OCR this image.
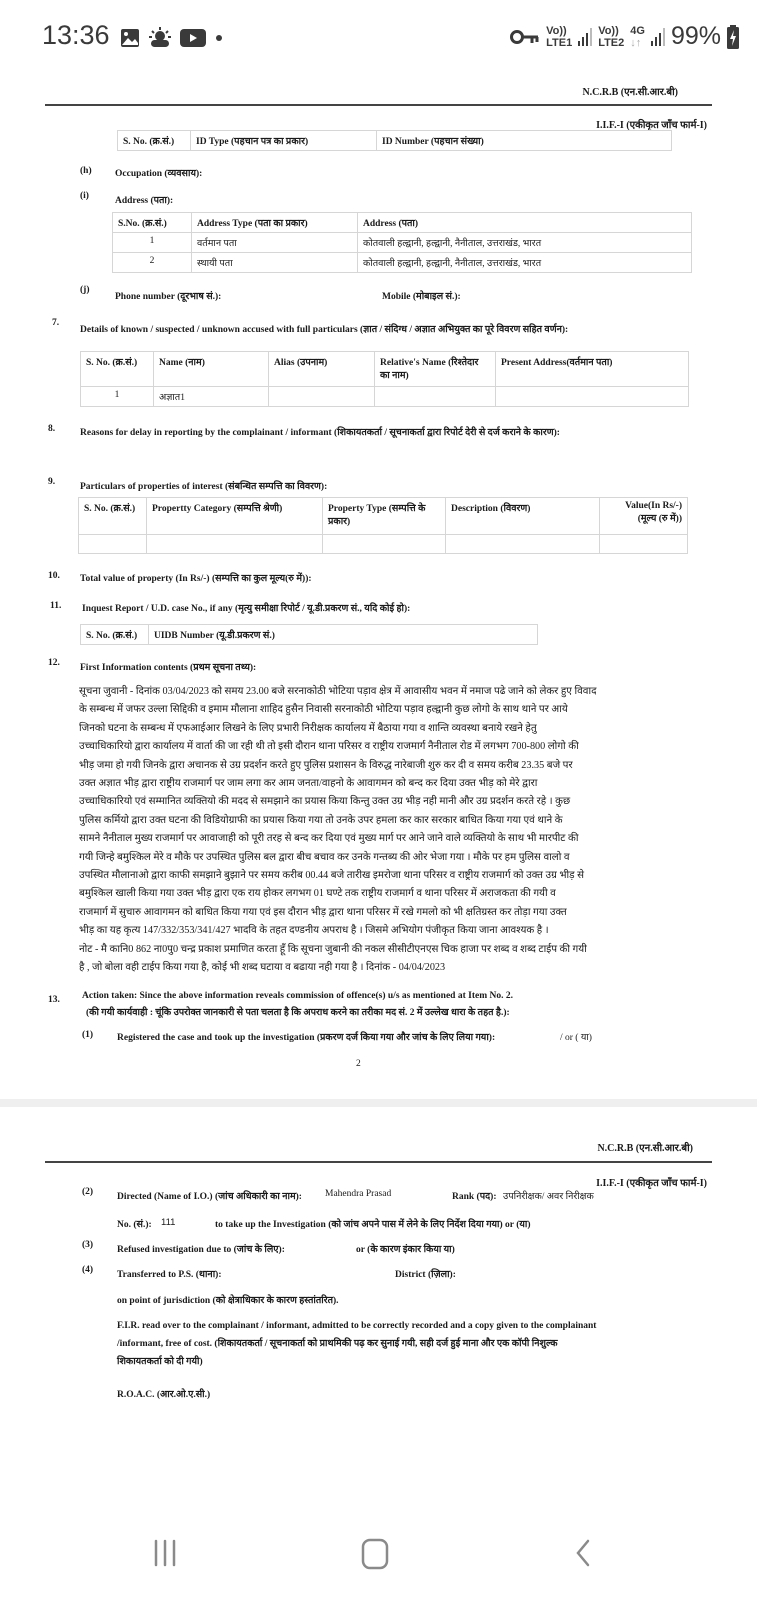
13:36	Vo))
LTE1
Vo))
LTE2
4G
↓↑ 99%
N.C.R.B (एन.सी.आर.बी)
I.I.F.-I (एकीकृत जाँच फार्म-I)
S. No. (क्र.सं.)	ID Type (पहचान पत्र का प्रकार)	ID Number (पहचान संख्या)
(h) Occupation (व्यवसाय):
(i)	Address (पता):
S.No. (क्र.सं.)	Address Type (पता का प्रकार)	Address (पता)
1	वर्तमान पता	कोतवाली हल्द्वानी, हल्द्वानी, नैनीताल, उत्तराखंड, भारत
2	स्थायी पता	कोतवाली हल्द्वानी, हल्द्वानी, नैनीताल, उत्तराखंड, भारत
(j)
Phone number (दूरभाष सं.):	Mobile (मोबाइल सं.):
7.
Details of known / suspected / unknown accused with full particulars (ज्ञात / संदिग्ध / अज्ञात अभियुक्त का पूरे विवरण सहित वर्णन):
S. No. (क्र.सं.)	Name (नाम)	Alias (उपनाम)	Relative's Name (रिश्तेदार का नाम)	Present Address(वर्तमान पता)
1	अज्ञात1			
8.	Reasons for delay in reporting by the complainant / informant (शिकायतकर्ता / सूचनाकर्ता द्वारा रिपोर्ट देरी से दर्ज कराने के कारण):
9.	Particulars of properties of interest (संबन्धित सम्पत्ति का विवरण):
S. No. (क्र.सं.)	Propertty Category (सम्पत्ति श्रेणी)	Property Type (सम्पत्ति के प्रकार)	Description (विवरण)	Value(In Rs/-) (मूल्य (रु में))

10. Total value of property (In Rs/-) (सम्पत्ति का कुल मूल्य(रु में)):
11. Inquest Report / U.D. case No., if any (मृत्यु समीक्षा रिपोर्ट / यू.डी.प्रकरण सं., यदि कोई हो):
S. No. (क्र.सं.)	UIDB Number (यू.डी.प्रकरण सं.)
12. First Information contents (प्रथम सूचना तथ्य):
सूचना जुवानी - दिनांक 03/04/2023 को समय 23.00 बजे सरनाकोठी भोटिया पड़ाव क्षेत्र में आवासीय भवन में नमाज पढे जाने को लेकर हुए विवाद
के सम्बन्ध में जफर उल्ला सिद्दिकी व इमाम मौलाना शाहिद हुसैन निवासी सरनाकोठी भोटिया पड़ाव हल्द्वानी कुछ लोगो के साथ थाने पर आये
जिनको घटना के सम्बन्ध में एफआईआर लिखने के लिए प्रभारी निरीक्षक कार्यालय में बैठाया गया व शान्ति व्यवस्था बनाये रखने हेतु
उच्चाधिकारियो द्वारा कार्यालय में वार्ता की जा रही थी तो इसी दौरान थाना परिसर व राष्ट्रीय राजमार्ग नैनीताल रोड में लगभग 700-800 लोगो की
भीड़ जमा हो गयी जिनके द्वारा अचानक से उग्र प्रदर्शन करते हुए पुलिस प्रशासन के विरुद्ध नारेबाजी शुरु कर दी व समय करीब 23.35 बजे पर
उक्त अज्ञात भीड़ द्वारा राष्ट्रीय राजमार्ग पर जाम लगा कर आम जनता/वाहनो के आवागमन को बन्द कर दिया उक्त भीड़ को मेरे द्वारा
उच्चाधिकारियो एवं सम्मानित व्यक्तियो की मदद से समझाने का प्रयास किया किन्तु उक्त उग्र भीड़ नही मानी और उग्र प्रदर्शन करते रहे । कुछ
पुलिस कर्मियो द्वारा उक्त घटना की विडियोग्राफी का प्रयास किया गया तो उनके उपर हमला कर कार सरकार बाधित किया गया एवं थाने के
सामने नैनीताल मुख्य राजमार्ग पर आवाजाही को पूरी तरह से बन्द कर दिया एवं मुख्य मार्ग पर आने जाने वाले व्यक्तियो के साथ भी मारपीट की
गयी जिन्हे बमुश्किल मेरे व मौके पर उपस्थित पुलिस बल द्वारा बीच बचाव कर उनके गन्तब्य की ओर भेजा गया । मौके पर हम पुलिस वालो व
उपस्थित मौलानाओ द्वारा काफी समझाने बुझाने पर समय करीब 00.44 बजे तारीख इमरोजा थाना परिसर व राष्ट्रीय राजमार्ग को उक्त उग्र भीड़ से
बमुश्किल खाली किया गया उक्त भीड़ द्वारा एक राय होकर लगभग 01 घण्टे तक राष्ट्रीय राजमार्ग व थाना परिसर में अराजकता की गयी व
राजमार्ग में सुचारु आवागमन को बाधित किया गया एवं इस दौरान भीड़ द्वारा थाना परिसर में रखे गमलो को भी क्षतिग्रस्त कर तोड़ा गया उक्त
भीड़ का यह कृत्य 147/332/353/341/427 भादवि के तहत दण्डनीय अपराध है । जिसमे अभियोग पंजीकृत किया जाना आवश्यक है ।
नोट - मै कानि0 862 ना0पु0 चन्द्र प्रकाश प्रमाणित करता हूँ कि सूचना जुबानी की नकल सीसीटीएनएस चिक हाजा पर शब्द व शब्द टाईप की गयी
है , जो बोला वही टाईप किया गया है, कोई भी शब्द घटाया व बढाया नही गया है । दिनांक - 04/04/2023
13. Action taken: Since the above information reveals commission of offence(s) u/s as mentioned at Item No. 2.
(की गयी कार्यवाही : चूंकि उपरोक्त जानकारी से पता चलता है कि अपराध करने का तरीका मद सं. 2 में उल्लेख धारा के तहत है.):
(1)	Registered the case and took up the investigation (प्रकरण दर्ज किया गया और जांच के लिए लिया गया):	/ or ( या)
2
N.C.R.B (एन.सी.आर.बी)
I.I.F.-I (एकीकृत जाँच फार्म-I)
(2)	Directed (Name of I.O.) (जांच अधिकारी का नाम): Mahendra Prasad	Rank (पद): उपनिरीक्षक/ अवर निरीक्षक
No. (सं.): 111	to take up the Investigation (को जांच अपने पास में लेने के लिए निर्देश दिया गया) or (या)
(3)	Refused investigation due to (जांच के लिए):	or (के कारण इंकार किया या)
(4)	Transferred to P.S. (थाना):	District (ज़िला):
on point of jurisdiction (को क्षेत्राधिकार के कारण हस्तांतरित).
F.I.R. read over to the complainant / informant, admitted to be correctly recorded and a copy given to the complainant
/informant, free of cost. (शिकायतकर्ता / सूचनाकर्ता को प्राथमिकी पढ़ कर सुनाई गयी, सही दर्ज हुई माना और एक कॉपी निशुल्क
शिकायतकर्ता को दी गयी)
R.O.A.C. (आर.ओ.ए.सी.)
